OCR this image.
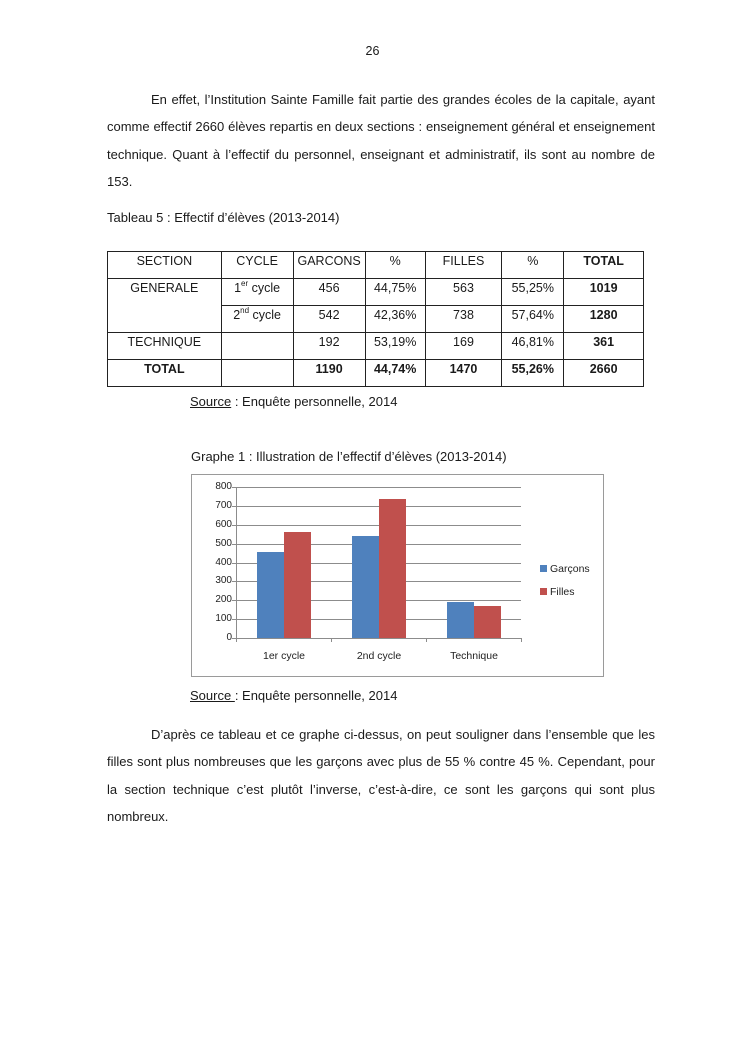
26
En effet, l’Institution Sainte Famille fait partie des grandes écoles de la capitale, ayant comme effectif 2660 élèves repartis en deux sections : enseignement général et enseignement technique. Quant à l’effectif du personnel, enseignant et administratif, ils sont au nombre de 153.
Tableau 5 : Effectif d’élèves (2013-2014)
SECTION	CYCLE	GARCONS	%	FILLES	%	TOTAL
GENERALE	1er cycle	456	44,75%	563	55,25%	1019
	2nd cycle	542	42,36%	738	57,64%	1280
TECHNIQUE		192	53,19%	169	46,81%	361
TOTAL		1190	44,74%	1470	55,26%	2660
Source : Enquête personnelle, 2014
Graphe 1 : Illustration de l’effectif d’élèves (2013-2014)
0
100
200
300
400
500
600
700
800
1er cycle	2nd cycle	Technique
Garçons
Filles
Source : Enquête personnelle, 2014
D’après ce tableau et ce graphe ci-dessus, on peut souligner dans l’ensemble que les filles sont plus nombreuses que les garçons avec plus de 55 % contre 45 %. Cependant, pour la section technique c’est plutôt l’inverse, c’est-à-dire, ce sont les garçons qui sont plus nombreux.
